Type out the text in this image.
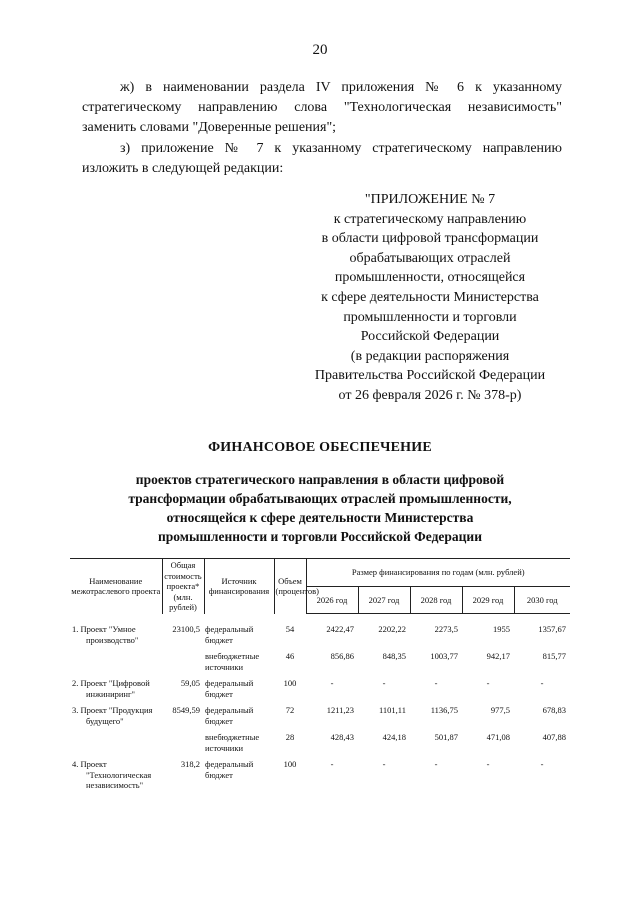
20
ж) в наименовании раздела IV приложения № 6 к указанному
стратегическому направлению слова "Технологическая независимость"
заменить словами "Доверенные решения";
з) приложение № 7 к указанному стратегическому направлению
изложить в следующей редакции:
"ПРИЛОЖЕНИЕ № 7
к стратегическому направлению
в области цифровой трансформации
обрабатывающих отраслей
промышленности, относящейся
к сфере деятельности Министерства
промышленности и торговли
Российской Федерации
(в редакции распоряжения
Правительства Российской Федерации
от 26 февраля 2026 г. № 378-р)
ФИНАНСОВОЕ ОБЕСПЕЧЕНИЕ
проектов стратегического направления в области цифровой
трансформации обрабатывающих отраслей промышленности,
относящейся к сфере деятельности Министерства
промышленности и торговли Российской Федерации
Наименование межотраслевого проекта	Общая стоимость проекта* (млн. рублей)	Источник финансирования	Объем (процентов)	Размер финансирования по годам (млн. рублей)				
				2026 год	2027 год	2028 год	2029 год	2030 год

1. Проект "Умное производство"	23100,5	федеральный бюджет	54	2422,47	2202,22	2273,5	1955	1357,67
		внебюджетные источники	46	856,86	848,35	1003,77	942,17	815,77
2. Проект "Цифровой инжиниринг"	59,05	федеральный бюджет	100	-	-	-	-	-
3. Проект "Продукция будущего"	8549,59	федеральный бюджет	72	1211,23	1101,11	1136,75	977,5	678,83
		внебюджетные источники	28	428,43	424,18	501,87	471,08	407,88
4. Проект "Технологическая независимость"	318,2	федеральный бюджет	100	-	-	-	-	-
